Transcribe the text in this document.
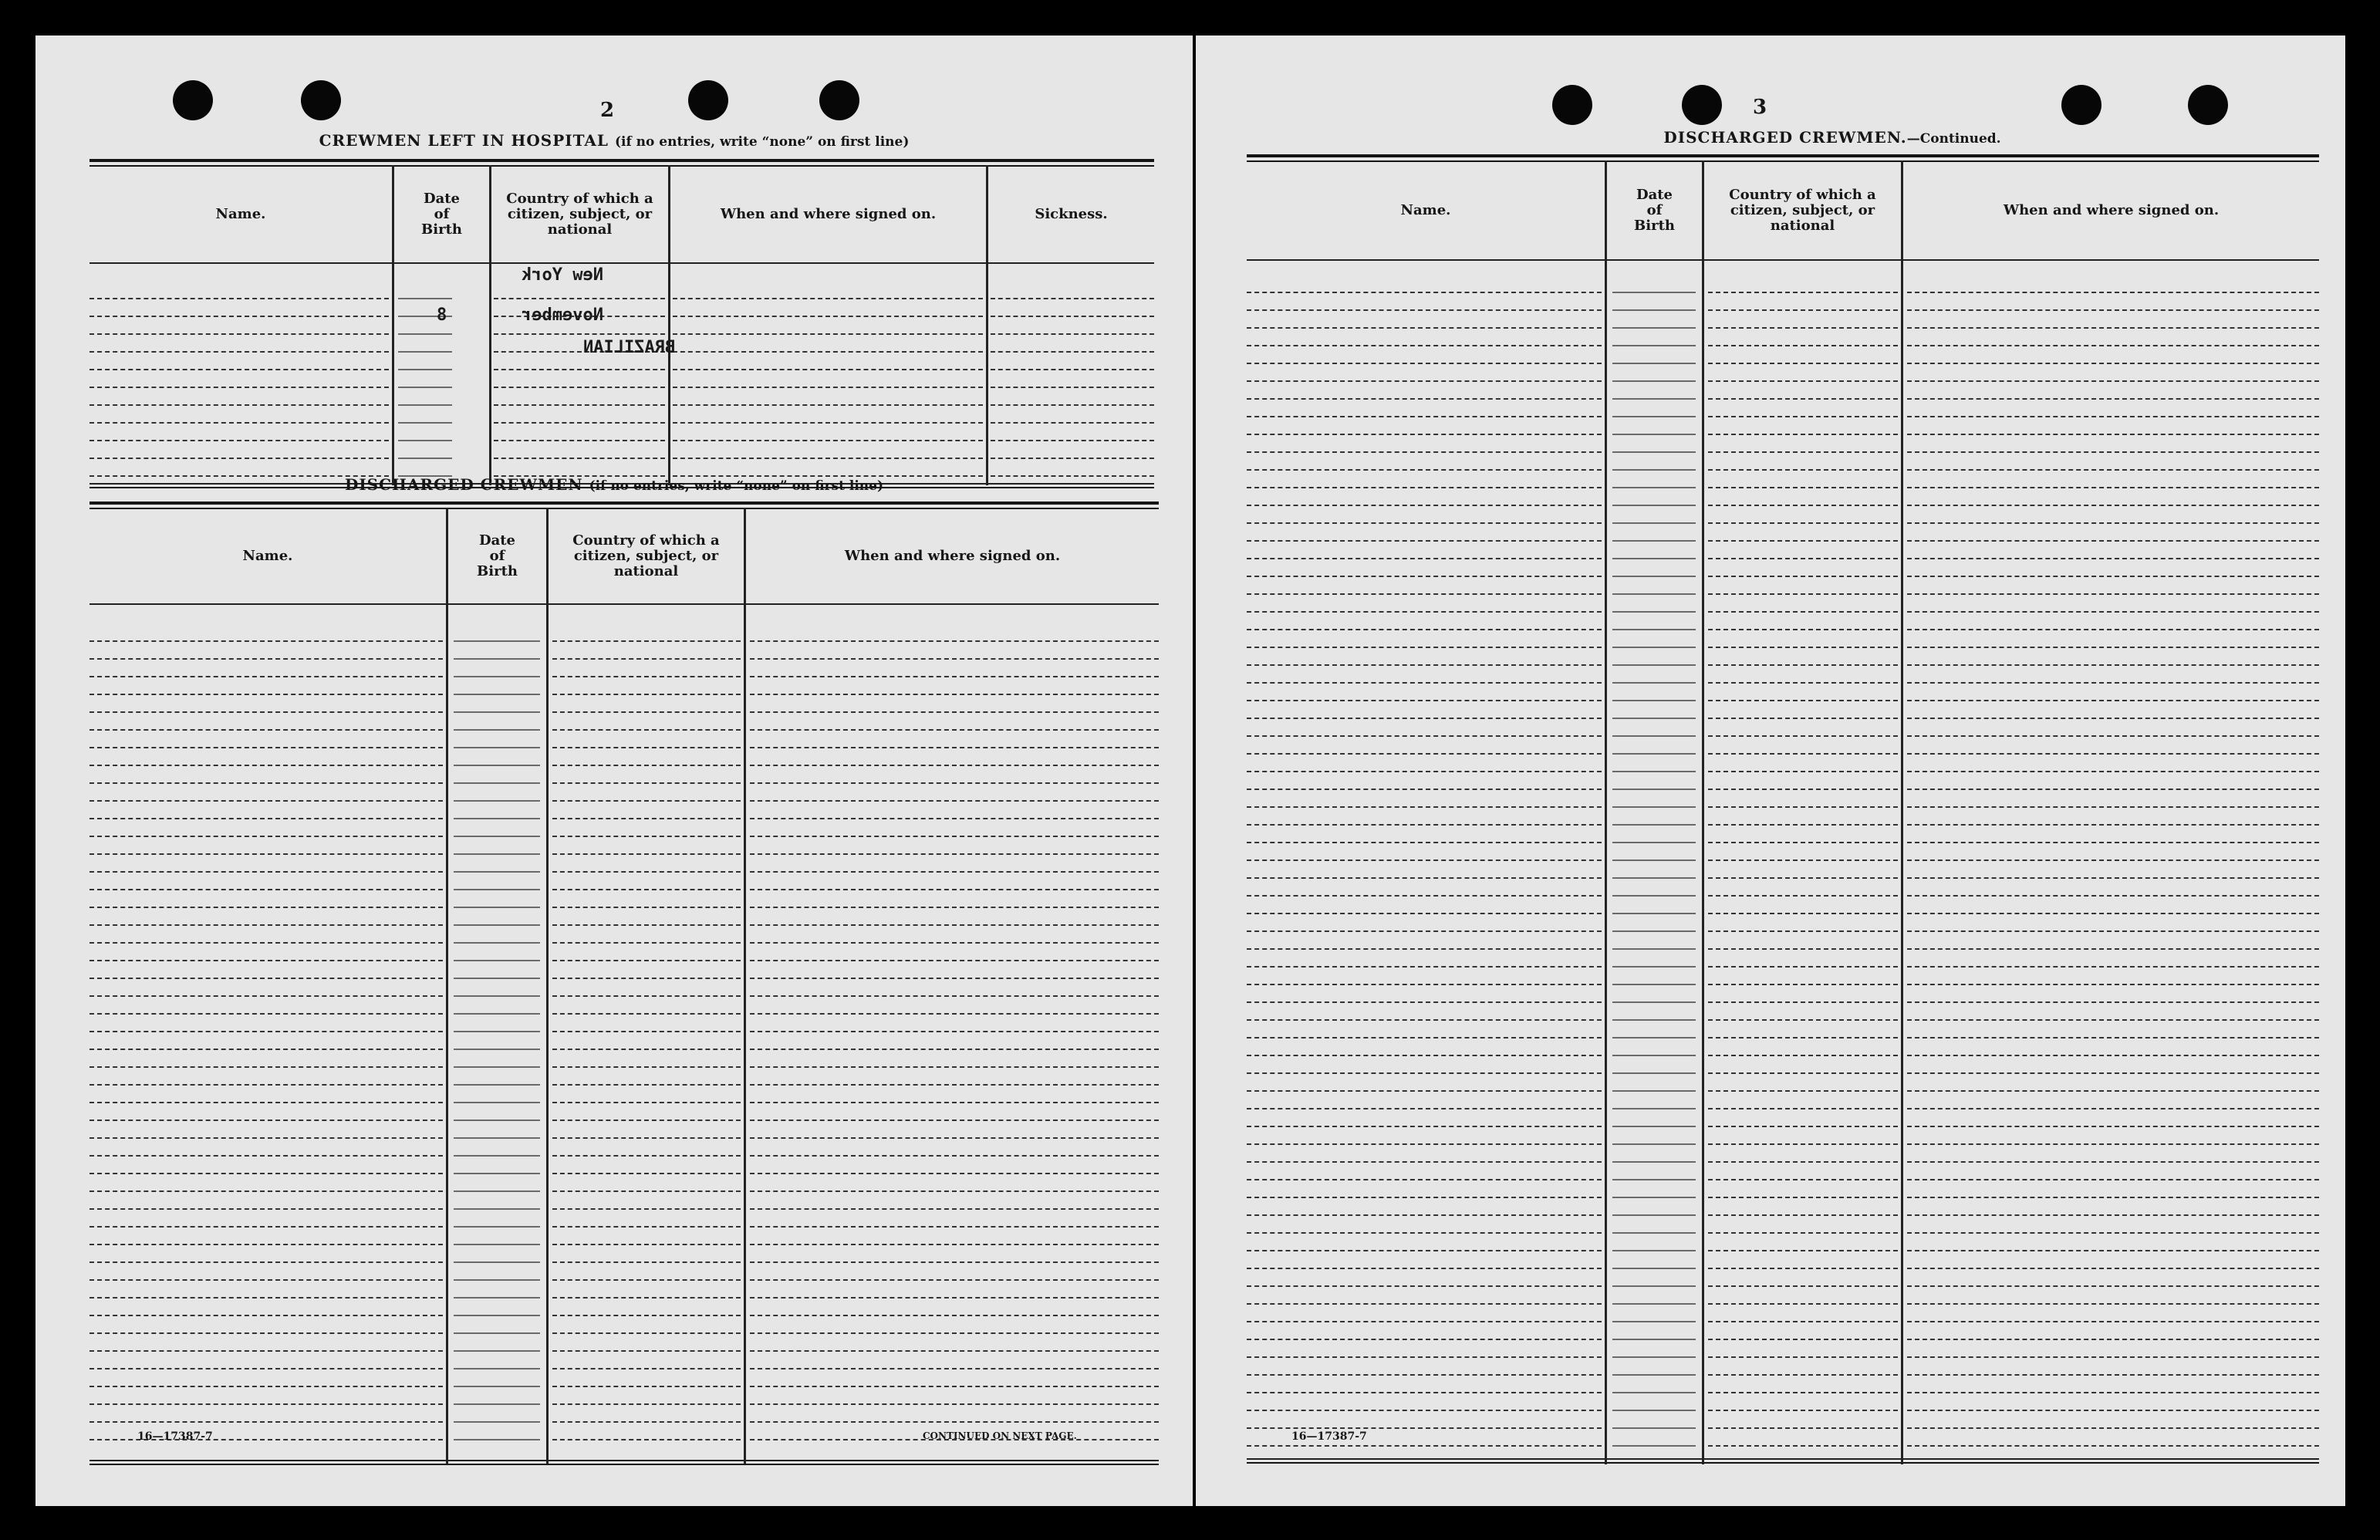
2
CREWMEN LEFT IN HOSPITAL (if no entries, write “none” on first line)
Name.
Date
of
Birth
Country of which a
citizen, subject, or
national
When and where signed on.	Sickness.
New York
November
8
BRAZILIAN
DISCHARGED CREWMEN (if no entries, write “none” on first line)
Name.
Date
of
Birth
Country of which a
citizen, subject, or
national
When and where signed on.
16—17387-7	CONTINUED ON NEXT PAGE.
3
DISCHARGED CREWMEN.—Continued.
Name.
Date
of
Birth
Country of which a
citizen, subject, or
national
When and where signed on.
16—17387-7
